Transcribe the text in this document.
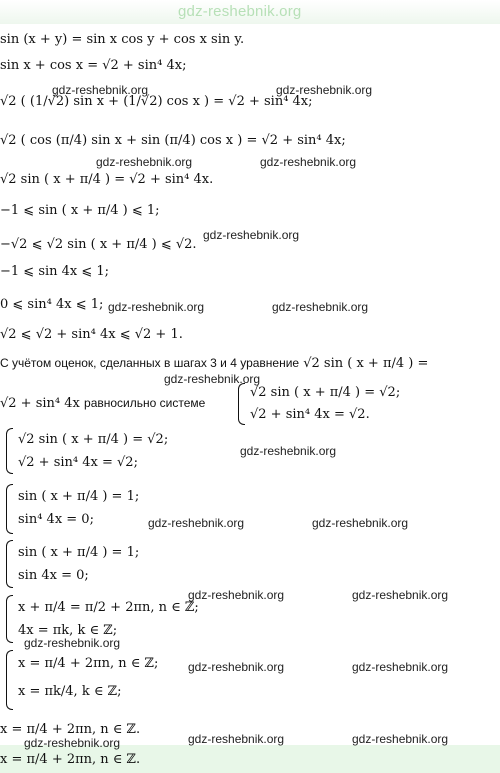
gdz-reshebnik.org
sin (x + y) = sin x cos y + cos x sin y.
sin x + cos x = √2 + sin⁴ 4x;
√2 ( (1/√2) sin x + (1/√2) cos x ) = √2 + sin⁴ 4x;
√2 ( cos (π/4) sin x + sin (π/4) cos x ) = √2 + sin⁴ 4x;
√2 sin ( x + π/4 ) = √2 + sin⁴ 4x.
−1 ⩽ sin ( x + π/4 ) ⩽ 1;
−√2 ⩽ √2 sin ( x + π/4 ) ⩽ √2.
−1 ⩽ sin 4x ⩽ 1;
0 ⩽ sin⁴ 4x ⩽ 1;
√2 ⩽ √2 + sin⁴ 4x ⩽ √2 + 1.
С учётом оценок, сделанных в шагах 3 и 4 уравнение √2 sin ( x + π/4 ) =
√2 + sin⁴ 4x равносильно системе
√2 sin ( x + π/4 ) = √2;
√2 + sin⁴ 4x = √2.
√2 sin ( x + π/4 ) = √2;
√2 + sin⁴ 4x = √2;
sin ( x + π/4 ) = 1;
sin⁴ 4x = 0;
sin ( x + π/4 ) = 1;
sin 4x = 0;
x + π/4 = π/2 + 2πn, n ∈ ℤ;
4x = πk, k ∈ ℤ;
x = π/4 + 2πn, n ∈ ℤ;
x = πk/4, k ∈ ℤ;
x = π/4 + 2πn, n ∈ ℤ.
x = π/4 + 2πn, n ∈ ℤ.
gdz-reshebnik.org	gdz-reshebnik.org
gdz-reshebnik.org	gdz-reshebnik.org
gdz-reshebnik.org
gdz-reshebnik.org	gdz-reshebnik.org
gdz-reshebnik.org
gdz-reshebnik.org
gdz-reshebnik.org	gdz-reshebnik.org
gdz-reshebnik.org	gdz-reshebnik.org
gdz-reshebnik.org
gdz-reshebnik.org	gdz-reshebnik.org
gdz-reshebnik.org	gdz-reshebnik.org
gdz-reshebnik.org
